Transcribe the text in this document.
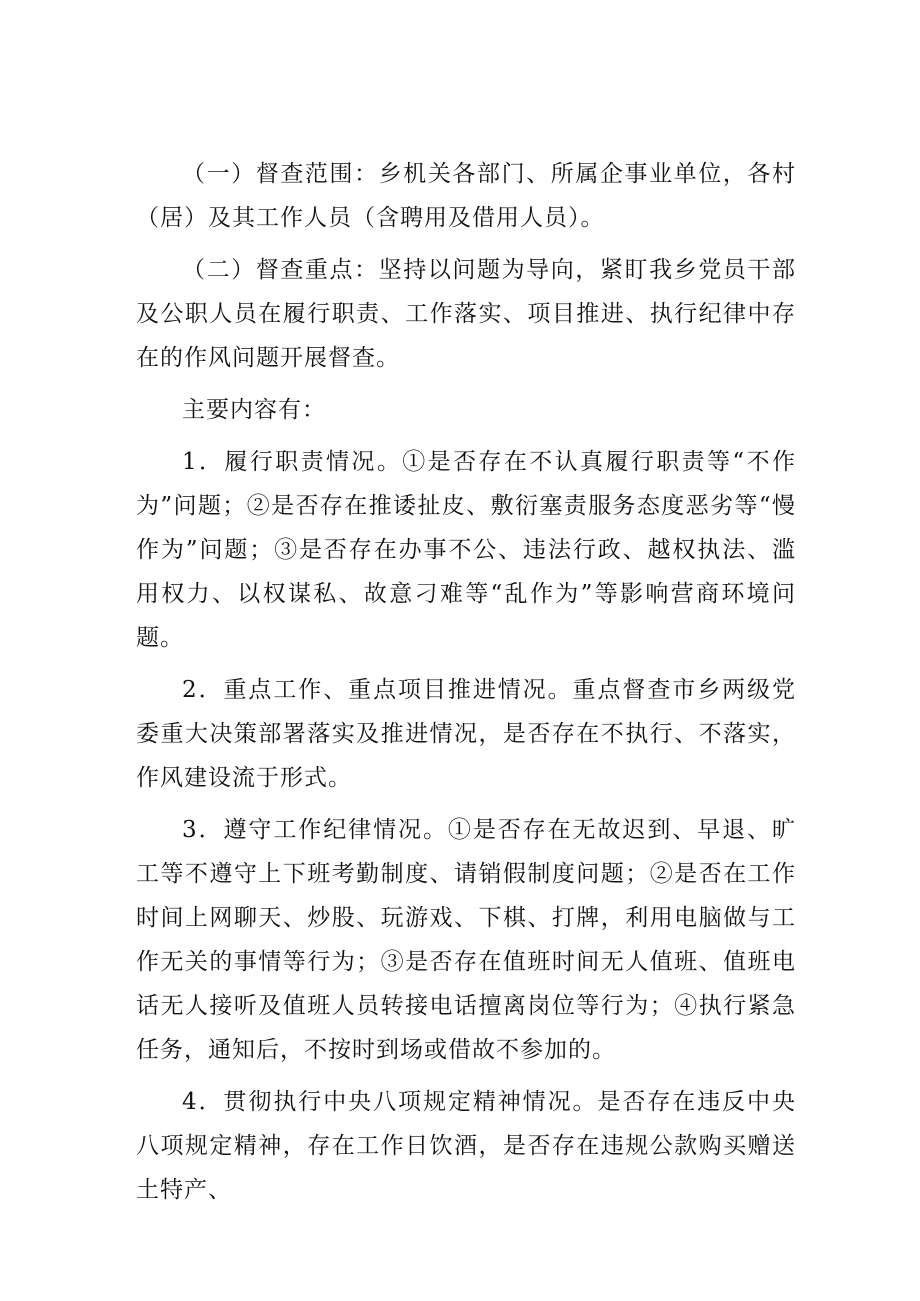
（一）督查范围：乡机关各部门、所属企事业单位，各村（居）及其工作人员（含聘用及借用人员）。

（二）督查重点：坚持以问题为导向，紧盯我乡党员干部及公职人员在履行职责、工作落实、项目推进、执行纪律中存在的作风问题开展督查。

主要内容有：

1．履行职责情况。①是否存在不认真履行职责等“不作为”问题；②是否存在推诿扯皮、敷衍塞责服务态度恶劣等“慢作为”问题；③是否存在办事不公、违法行政、越权执法、滥用权力、以权谋私、故意刁难等“乱作为”等影响营商环境问题。

2．重点工作、重点项目推进情况。重点督查市乡两级党委重大决策部署落实及推进情况，是否存在不执行、不落实，作风建设流于形式。

3．遵守工作纪律情况。①是否存在无故迟到、早退、旷工等不遵守上下班考勤制度、请销假制度问题；②是否在工作时间上网聊天、炒股、玩游戏、下棋、打牌，利用电脑做与工作无关的事情等行为；③是否存在值班时间无人值班、值班电话无人接听及值班人员转接电话擅离岗位等行为；④执行紧急任务，通知后，不按时到场或借故不参加的。

4．贯彻执行中央八项规定精神情况。是否存在违反中央八项规定精神，存在工作日饮酒，是否存在违规公款购买赠送土特产、
